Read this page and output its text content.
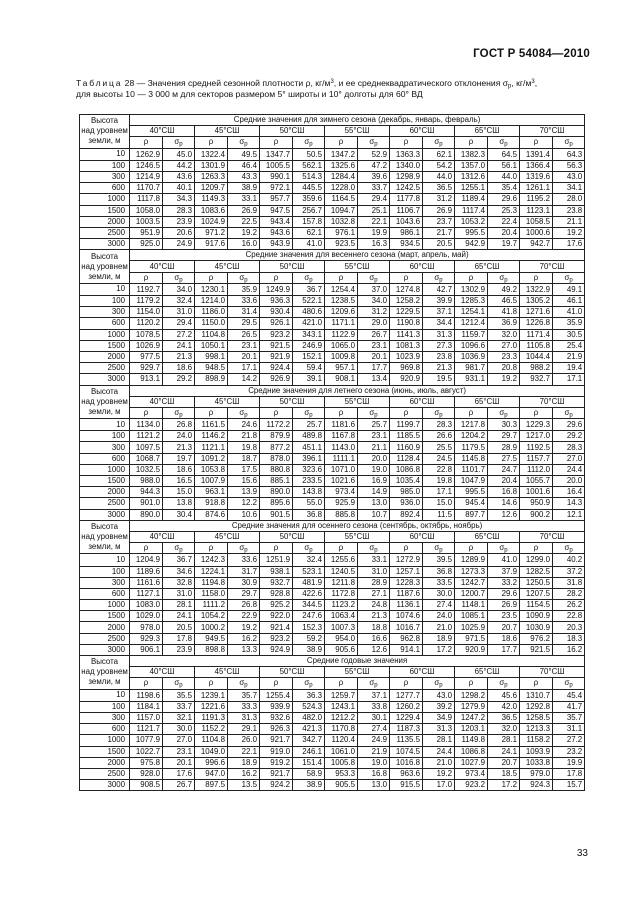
ГОСТ Р 54084—2010
Таблица 28 — Значения средней сезонной плотности ρ, $кг/м^3$, и ее среднеквадратического отклонения $\sigma_р$, $кг/м^3$,
для высоты 10 — 3 000 м для секторов размером 5° широты и 10° долготы для 60° ВД
Высота
над уровнем
земли, м	Средние значения для зимнего сезона (декабрь, январь, февраль)													
	40°СШ		45°СШ		50°СШ		55°СШ		60°СШ		65°СШ		70°СШ	
	ρ	$\sigma_р$	ρ	$\sigma_р$	ρ	$\sigma_р$	ρ	$\sigma_р$	ρ	$\sigma_р$	ρ	$\sigma_р$	ρ	$\sigma_р$
10	1262.9	45.0	1322.4	49.5	1347.7	50.5	1347.2	52.9	1363.3	62.1	1382.3	64.5	1391.4	64.3
100	1246.5	44.2	1301.9	46.4	1005.5	562.1	1325.6	47.2	1340.0	54.2	1357.0	56.1	1366.4	56.3
300	1214.9	43.6	1263.3	43.3	990.1	514.3	1284.4	39.6	1298.9	44.0	1312.6	44.0	1319.6	43.0
600	1170.7	40.1	1209.7	38.9	972.1	445.5	1228.0	33.7	1242.5	36.5	1255.1	35.4	1261.1	34.1
1000	1117.8	34.3	1149.3	33.1	957.7	359.6	1164.5	29.4	1177.8	31.2	1189.4	29.6	1195.2	28.0
1500	1058.0	28.3	1083.6	26.9	947.5	256.7	1094.7	25.1	1106.7	26.9	1117.4	25.3	1123.1	23.8
2000	1003.5	23.9	1024.9	22.5	943.4	157.8	1032.8	22.1	1043.6	23.7	1053.2	22.4	1058.5	21.1
2500	951.9	20.6	971.2	19.2	943.6	62.1	976.1	19.9	986.1	21.7	995.5	20.4	1000.6	19.2
3000	925.0	24.9	917.6	16.0	943.9	41.0	923.5	16.3	934.5	20.5	942.9	19.7	942.7	17.6

Высота
над уровнем
земли, м	Средние значения для весеннего сезона (март, апрель, май)													
	40°СШ		45°СШ		50°СШ		55°СШ		60°СШ		65°СШ		70°СШ	
	ρ	$\sigma_р$	ρ	$\sigma_р$	ρ	$\sigma_р$	ρ	$\sigma_р$	ρ	$\sigma_р$	ρ	$\sigma_р$	ρ	$\sigma_р$
10	1192.7	34.0	1230.1	35.9	1249.9	36.7	1254.4	37.0	1274.8	42.7	1302.9	49.2	1322.9	49.1
100	1179.2	32.4	1214.0	33.6	936.3	522.1	1238.5	34.0	1258.2	39.9	1285.3	46.5	1305.2	46.1
300	1154.0	31.0	1186.0	31.4	930.4	480.6	1209.6	31.2	1229.5	37.1	1254.1	41.8	1271.6	41.0
600	1120.2	29.4	1150.0	29.5	926.1	421.0	1171.1	29.0	1190.8	34.4	1212.4	36.9	1226.8	35.9
1000	1078.5	27.2	1104.8	26.5	923.2	343.1	1122.9	26.7	1141.3	31.3	1159.7	32.0	1171.4	30.5
1500	1026.9	24.1	1050.1	23.1	921.5	246.9	1065.0	23.1	1081.3	27.3	1096.6	27.0	1105.8	25.4
2000	977.5	21.3	998.1	20.1	921.9	152.1	1009.8	20.1	1023.9	23.8	1036.9	23.3	1044.4	21.9
2500	929.7	18.6	948.5	17.1	924.4	59.4	957.1	17.7	969.8	21.3	981.7	20.8	988.2	19.4
3000	913.1	29.2	898.9	14.2	926.9	39.1	908.1	13.4	920.9	19.5	931.1	19.2	932.7	17.1

Высота
над уровнем
земли, м	Средние значения для летнего сезона (июнь, июль, август)													
	40°СШ		45°СШ		50°СШ		55°СШ		60°СШ		65°СШ		70°СШ	
	ρ	$\sigma_р$	ρ	$\sigma_р$	ρ	$\sigma_р$	ρ	$\sigma_р$	ρ	$\sigma_р$	ρ	$\sigma_р$	ρ	$\sigma_р$
10	1134.0	26.8	1161.5	24.6	1172.2	25.7	1181.6	25.7	1199.7	28.3	1217.8	30.3	1229.3	29.6
100	1121.2	24.0	1146.2	21.8	879.9	489.8	1167.8	23.1	1185.5	26.6	1204.2	29.7	1217.0	29.2
300	1097.5	21.3	1121.1	19.8	877.2	451.1	1143.0	21.1	1160.9	25.5	1179.5	28.9	1192.5	28.3
600	1068.7	19.7	1091.2	18.7	878.0	396.1	1111.1	20.0	1128.4	24.5	1145.8	27.5	1157.7	27.0
1000	1032.5	18.6	1053.8	17.5	880.8	323.6	1071.0	19.0	1086.8	22.8	1101.7	24.7	1112.0	24.4
1500	988.0	16.5	1007.9	15.6	885.1	233.5	1021.6	16.9	1035.4	19.8	1047.9	20.4	1055.7	20.0
2000	944.3	15.0	963.1	13.9	890.0	143.8	973.4	14.9	985.0	17.1	995.5	16.8	1001.6	16.4
2500	901.0	13.8	918.8	12.2	895.6	55.0	925.9	13.0	936.0	15.0	945.4	14.6	950.9	14.3
3000	890.0	30.4	874.6	10.6	901.5	36.8	885.8	10.7	892.4	11.5	897.7	12.6	900.2	12.1

Высота
над уровнем
земли, м	Средние значения для осеннего сезона (сентябрь, октябрь, ноябрь)													
	40°СШ		45°СШ		50°СШ		55°СШ		60°СШ		65°СШ		70°СШ	
	ρ	$\sigma_р$	ρ	$\sigma_р$	ρ	$\sigma_р$	ρ	$\sigma_р$	ρ	$\sigma_р$	ρ	$\sigma_р$	ρ	$\sigma_р$
10	1204.9	36.7	1242.3	33.6	1251.9	32.4	1255.6	33.1	1272.9	39.5	1289.9	41.0	1299.0	40.2
100	1189.6	34.6	1224.1	31.7	938.1	523.1	1240.5	31.0	1257.1	36.8	1273.3	37.9	1282.5	37.2
300	1161.6	32.8	1194.8	30.9	932.7	481.9	1211.8	28.9	1228.3	33.5	1242.7	33.2	1250.5	31.8
600	1127.1	31.0	1158.0	29.7	928.8	422.6	1172.8	27.1	1187.6	30.0	1200.7	29.6	1207.5	28.2
1000	1083.0	28.1	1111.2	26.8	925.2	344.5	1123.2	24.8	1136.1	27.4	1148.1	26.9	1154.5	26.2
1500	1029.0	24.1	1054.2	22.9	922.0	247.6	1063.4	21.3	1074.6	24.0	1085.1	23.5	1090.9	22.8
2000	978.0	20.5	1000.2	19.2	921.4	152.3	1007.3	18.8	1016.7	21.0	1025.9	20.7	1030.9	20.3
2500	929.3	17.8	949.5	16.2	923.2	59.2	954.0	16.6	962.8	18.9	971.5	18.6	976.2	18.3
3000	906.1	23.9	898.8	13.3	924.9	38.9	905.6	12.6	914.1	17.2	920.9	17.7	921.5	16.2

Высота
над уровнем
земли, м	Средние годовые значения													
	40°СШ		45°СШ		50°СШ		55°СШ		60°СШ		65°СШ		70°СШ	
	ρ	$\sigma_р$	ρ	$\sigma_р$	ρ	$\sigma_р$	ρ	$\sigma_р$	ρ	$\sigma_р$	ρ	$\sigma_р$	ρ	$\sigma_р$
10	1198.6	35.5	1239.1	35.7	1255.4	36.3	1259.7	37.1	1277.7	43.0	1298.2	45.6	1310.7	45.4
100	1184.1	33.7	1221.6	33.3	939.9	524.3	1243.1	33.8	1260.2	39.2	1279.9	42.0	1292.8	41.7
300	1157.0	32.1	1191.3	31.3	932.6	482.0	1212.2	30.1	1229.4	34.9	1247.2	36.5	1258.5	35.7
600	1121.7	30.0	1152.2	29.1	926.3	421.3	1170.8	27.4	1187.3	31.3	1203.1	32.0	1213.3	31.1
1000	1077.9	27.0	1104.8	26.0	921.7	342.7	1120.4	24.9	1135.5	28.1	1149.8	28.1	1158.2	27.2
1500	1022.7	23.1	1049.0	22.1	919.0	246.1	1061.0	21.9	1074.5	24.4	1086.8	24.1	1093.9	23.2
2000	975.8	20.1	996.6	18.9	919.2	151.4	1005.8	19.0	1016.8	21.0	1027.9	20.7	1033.8	19.9
2500	928.0	17.6	947.0	16.2	921.7	58.9	953.3	16.8	963.6	19.2	973.4	18.5	979.0	17.8
3000	908.5	26.7	897.5	13.5	924.2	38.9	905.5	13.0	915.5	17.0	923.2	17.2	924.3	15.7
33
